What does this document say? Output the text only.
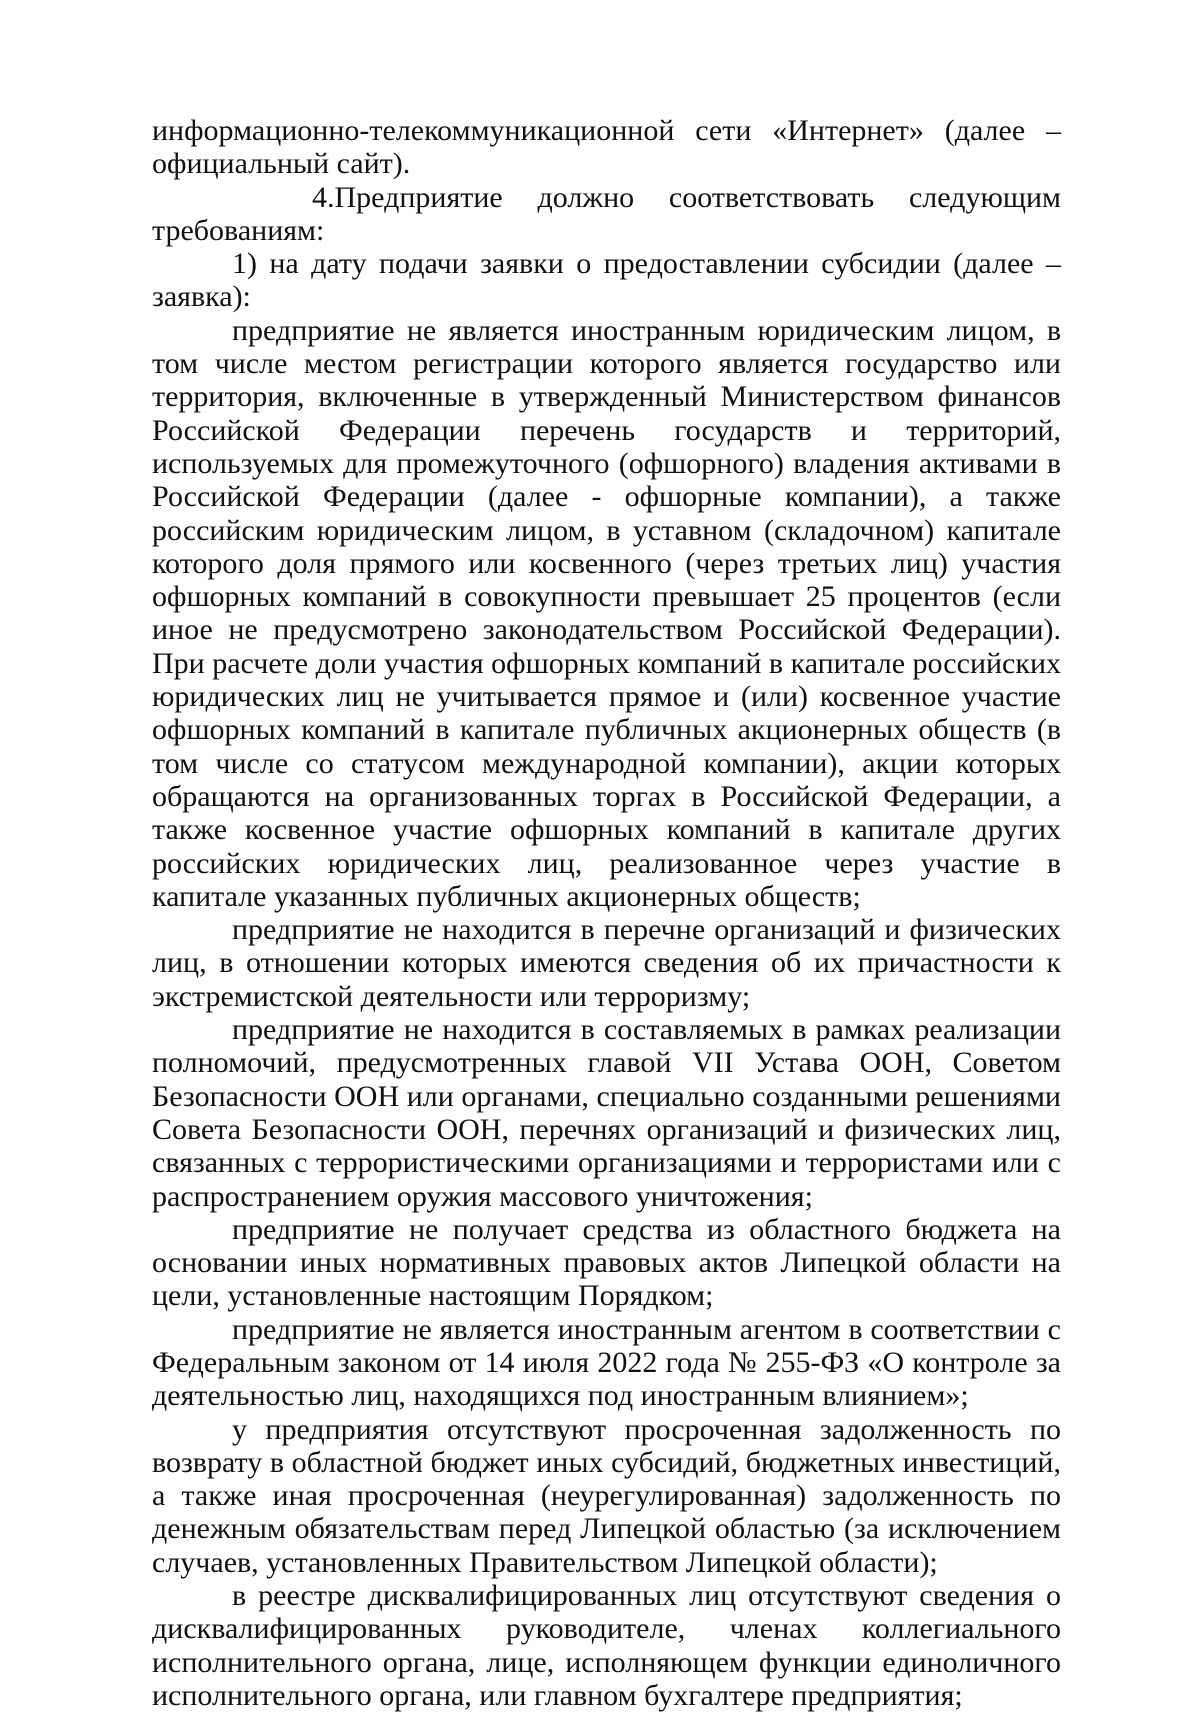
информационно-телекоммуникационной сети «Интернет» (далее – официальный сайт).

4.Предприятие должно соответствовать следующим требованиям:

1) на дату подачи заявки о предоставлении субсидии (далее – заявка):

предприятие не является иностранным юридическим лицом, в том числе местом регистрации которого является государство или территория, включенные в утвержденный Министерством финансов Российской Федерации перечень государств и территорий, используемых для промежуточного (офшорного) владения активами в Российской Федерации (далее - офшорные компании), а также российским юридическим лицом, в уставном (складочном) капитале которого доля прямого или косвенного (через третьих лиц) участия офшорных компаний в совокупности превышает 25 процентов (если иное не предусмотрено законодательством Российской Федерации). При расчете доли участия офшорных компаний в капитале российских юридических лиц не учитывается прямое и (или) косвенное участие офшорных компаний в капитале публичных акционерных обществ (в том числе со статусом международной компании), акции которых обращаются на организованных торгах в Российской Федерации, а также косвенное участие офшорных компаний в капитале других российских юридических лиц, реализованное через участие в капитале указанных публичных акционерных обществ;

предприятие не находится в перечне организаций и физических лиц, в отношении которых имеются сведения об их причастности к экстремистской деятельности или терроризму;

предприятие не находится в составляемых в рамках реализации полномочий, предусмотренных главой VII Устава ООН, Советом Безопасности ООН или органами, специально созданными решениями Совета Безопасности ООН, перечнях организаций и физических лиц, связанных с террористическими организациями и террористами или с распространением оружия массового уничтожения;

предприятие не получает средства из областного бюджета на основании иных нормативных правовых актов Липецкой области на цели, установленные настоящим Порядком;

предприятие не является иностранным агентом в соответствии с Федеральным законом от 14 июля 2022 года № 255-ФЗ «О контроле за деятельностью лиц, находящихся под иностранным влиянием»;

у предприятия отсутствуют просроченная задолженность по возврату в областной бюджет иных субсидий, бюджетных инвестиций, а также иная просроченная (неурегулированная) задолженность по денежным обязательствам перед Липецкой областью (за исключением случаев, установленных Правительством Липецкой области);

в реестре дисквалифицированных лиц отсутствуют сведения о дисквалифицированных руководителе, членах коллегиального исполнительного органа, лице, исполняющем функции единоличного исполнительного органа, или главном бухгалтере предприятия;
